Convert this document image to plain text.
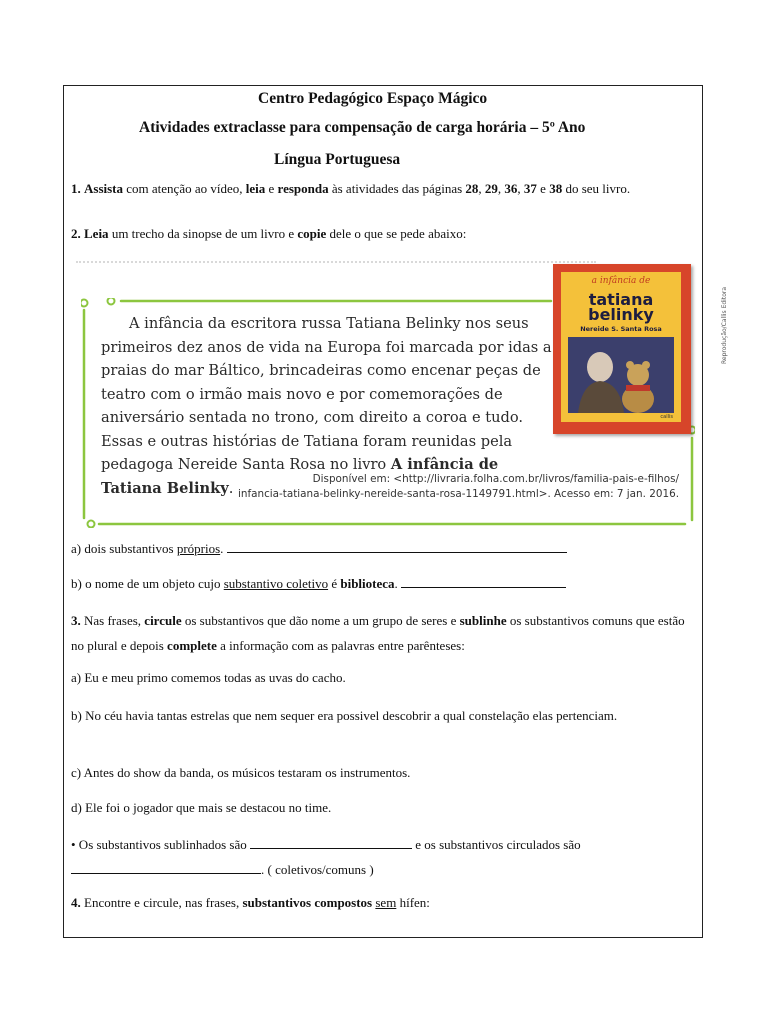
Centro Pedagógico Espaço Mágico
Atividades extraclasse para compensação de carga horária – 5º Ano
Língua Portuguesa
1. Assista com atenção ao vídeo, leia e responda às atividades das páginas 28, 29, 36, 37 e 38 do seu livro.
2. Leia um trecho da sinopse de um livro e copie dele o que se pede abaixo:
A infância da escritora russa Tatiana Belinky nos seus primeiros dez anos de vida na Europa foi marcada por idas a praias do mar Báltico, brincadeiras como encenar peças de teatro com o irmão mais novo e por comemorações de aniversário sentada no trono, com direito a coroa e tudo. Essas e outras histórias de Tatiana foram reunidas pela pedagoga Nereide Santa Rosa no livro A infância de Tatiana Belinky.
Disponível em: <http://livraria.folha.com.br/livros/familia-pais-e-filhos/
infancia-tatiana-belinky-nereide-santa-rosa-1149791.html>. Acesso em: 7 jan. 2016.
a infância de
tatiana
belinky
Nereide S. Santa Rosa
callis
Reprodução/Callis Editora
a) dois substantivos próprios.
b) o nome de um objeto cujo substantivo coletivo é biblioteca.
3. Nas frases, circule os substantivos que dão nome a um grupo de seres e sublinhe os substantivos comuns que estão no plural e depois complete a informação com as palavras entre parênteses:
a) Eu e meu primo comemos todas as uvas do cacho.
b) No céu havia tantas estrelas que nem sequer era possivel descobrir a qual constelação elas pertenciam.
c) Antes do show da banda, os músicos testaram os instrumentos.
d) Ele foi o jogador que mais se destacou no time.
• Os substantivos sublinhados são	e os substantivos circulados são . ( coletivos/comuns )
4. Encontre e circule, nas frases, substantivos compostos sem hífen:
